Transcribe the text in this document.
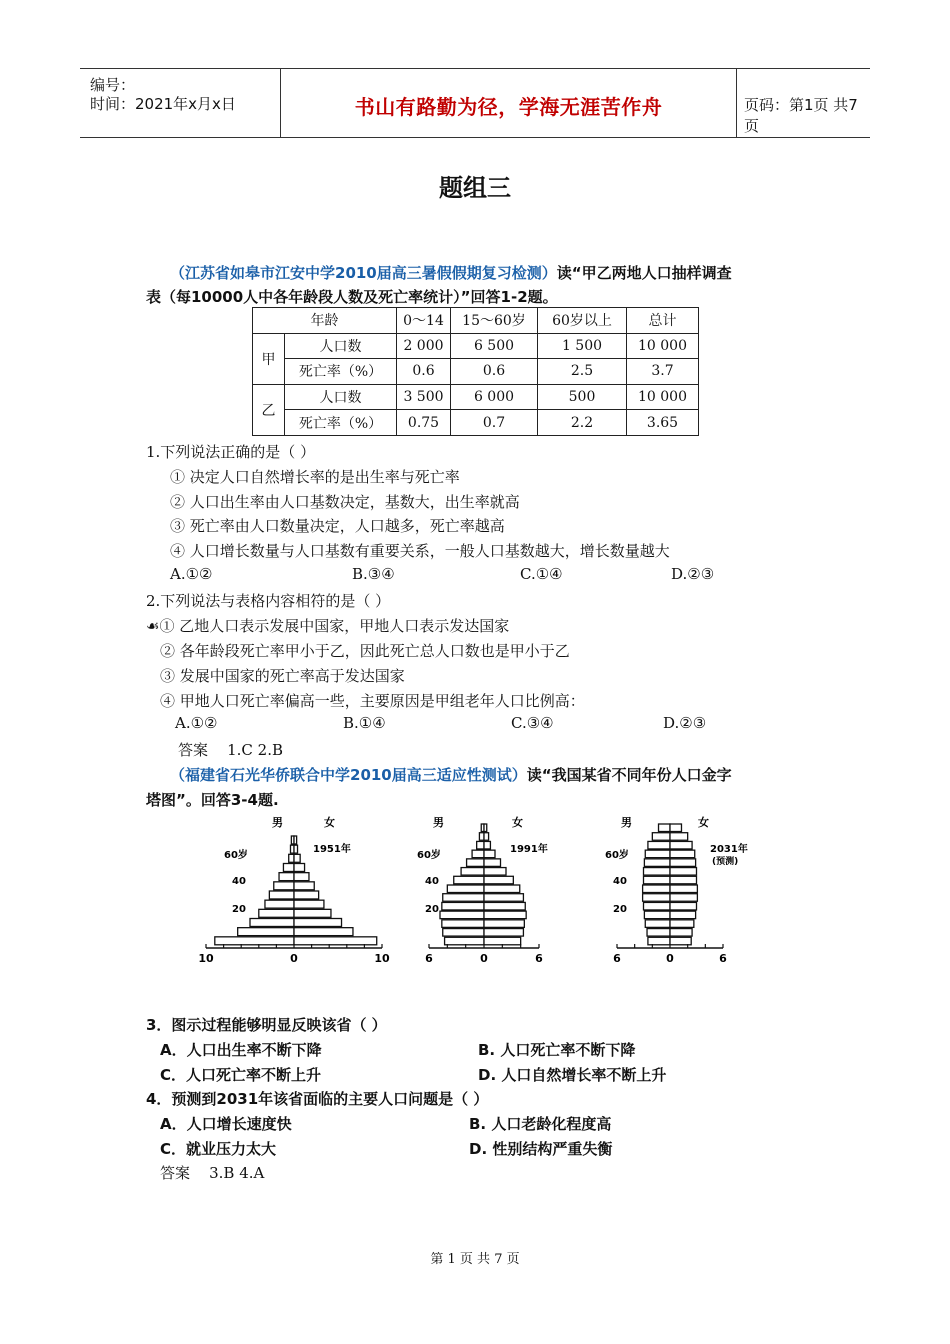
编号：
时间：2021年x月x日	书山有路勤为径，学海无涯苦作舟	页码：第1页 共7页
题组三
（江苏省如皋市江安中学2010届高三暑假假期复习检测）读“甲乙两地人口抽样调查
表（每10000人中各年龄段人数及死亡率统计）”回答1-2题。
年龄		0～14	15～60岁	60岁以上	总计
甲	人口数	2 000	6 500	1 500	10 000
	死亡率（%）	0.6	0.6	2.5	3.7
乙	人口数	3 500	6 000	500	10 000
	死亡率（%）	0.75	0.7	2.2	3.65
1.下列说法正确的是（ ）
① 决定人口自然增长率的是出生率与死亡率
② 人口出生率由人口基数决定，基数大，出生率就高
③ 死亡率由人口数量决定，人口越多，死亡率越高
④ 人口增长数量与人口基数有重要关系，一般人口基数越大，增长数量越大
A.①②	B.③④	C.①④	D.②③
2.下列说法与表格内容相符的是（ ）
☙① 乙地人口表示发展中国家，甲地人口表示发达国家
② 各年龄段死亡率甲小于乙，因此死亡总人口数也是甲小于乙
③ 发展中国家的死亡率高于发达国家
④ 甲地人口死亡率偏高一些，主要原因是甲组老年人口比例高：
A.①②	B.①④	C.③④	D.②③
答案 1.C 2.B
（福建省石光华侨联合中学2010届高三适应性测试）读“我国某省不同年份人口金字
塔图”。回答3-4题.
10	0	10
男	女
60岁
40
20
1951年
6	0	6
男	女
60岁
40
20
1991年
6	0	6
男	女
60岁
40
20
2031年
(预测)
3．图示过程能够明显反映该省（ ）
A．人口出生率不断下降	B. 人口死亡率不断下降
C．人口死亡率不断上升	D. 人口自然增长率不断上升
4．预测到2031年该省面临的主要人口问题是（ ）
A．人口增长速度快	B. 人口老龄化程度高
C．就业压力太大	D. 性别结构严重失衡
答案 3.B 4.A
第 1 页 共 7 页
